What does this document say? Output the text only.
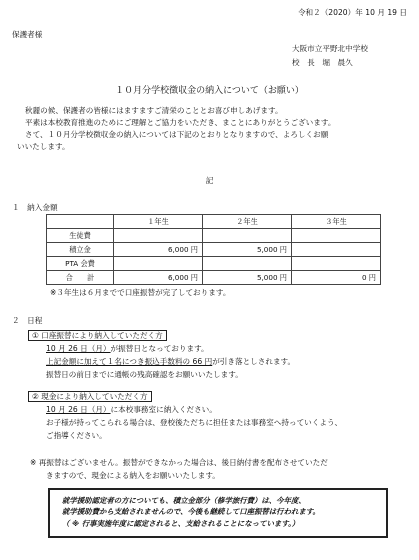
令和２（2020）年 10 月 19 日
保護者様
大阪市立平野北中学校
校　長　堀　晨久
１０月分学校徴収金の納入について（お願い）
秋麗の候、保護者の皆様にはますますご清栄のこととお喜び申しあげます。
平素は本校教育推進のためにご理解とご協力をいただき、まことにありがとうございます。
さて、１０月分学校徴収金の納入については下記のとおりとなりますので、よろしくお願
いいたします。
記
１　納入金額
	１年生	２年生	３年生
生徒費			
積立金	6,000 円	5,000 円	
PTA 会費			
合　　計	6,000 円	5,000 円	0 円
※３年生は６月までで口座振替が完了しております。
２　日程
① 口座振替により納入していただく方
10 月 26 日（月）が振替日となっております。
上記金額に加えて１名につき振込手数料の 66 円が引き落としされます。
振替日の前日までに通帳の残高確認をお願いいたします。
② 現金により納入していただく方
10 月 26 日（月）に本校事務室に納入ください。
お子様が持ってこられる場合は、登校後ただちに担任または事務室へ持っていくよう、
ご指導ください。
※ 再振替はございません。振替ができなかった場合は、後日納付書を配布させていただ
きますので、現金による納入をお願いいたします。
就学援助認定者の方についても、積立金部分（修学旅行費）は、今年度、
就学援助費から支給されませんので、今後も継続して口座振替は行われます。
（ ※ 行事実施年度に認定されると、支給されることになっています。）
